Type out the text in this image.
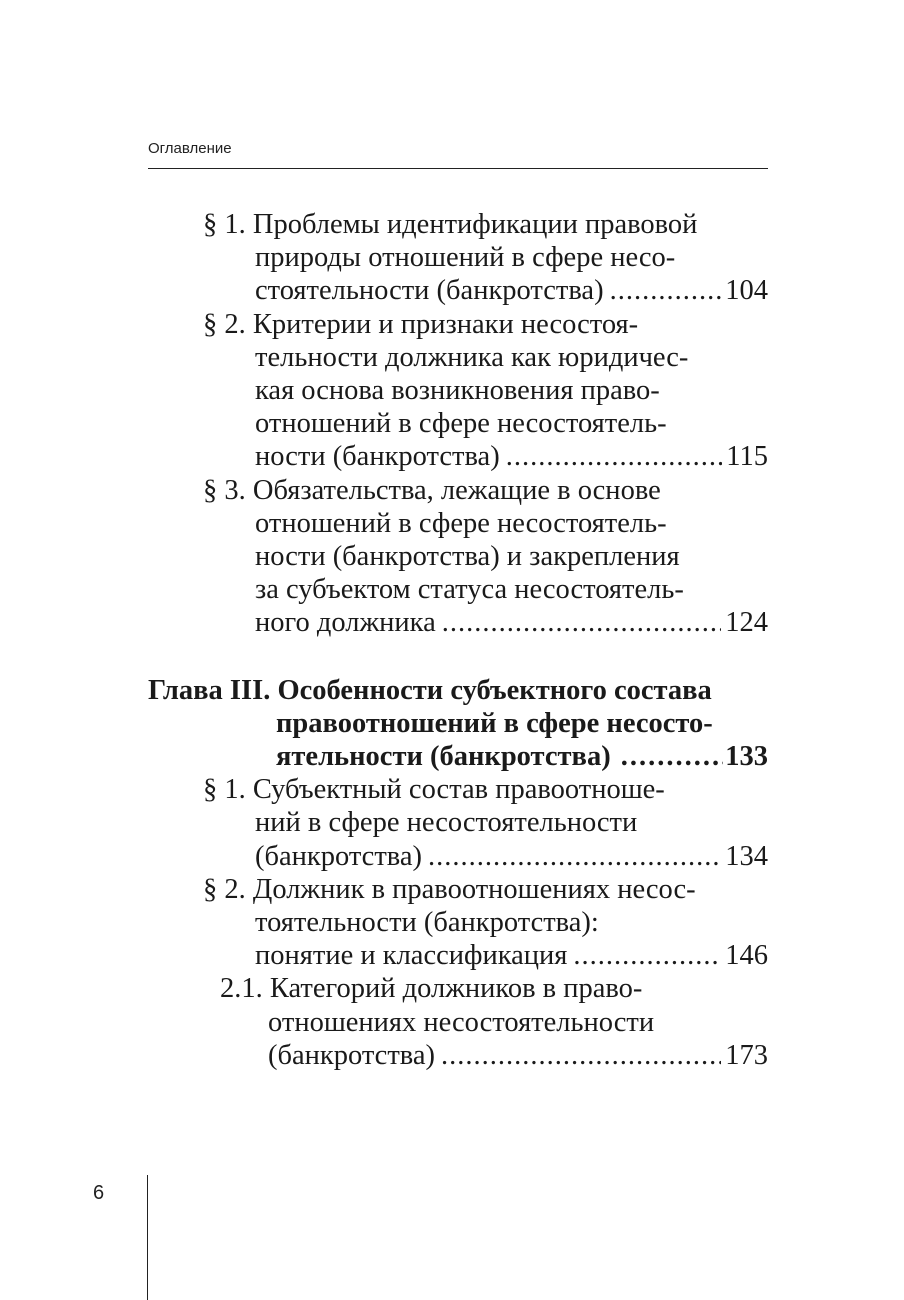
Оглавление
§ 1. Проблемы идентификации правовой
природы отношений в сфере несо-
стоятельности (банкротства) .....	104
§ 2. Критерии и признаки несостоя-
тельности должника как юридичес-
кая основа возникновения право-
отношений в сфере несостоятель-
ности (банкротства) .....	115
§ 3. Обязательства, лежащие в основе
отношений в сфере несостоятель-
ности (банкротства) и закрепления
за субъектом статуса несостоятель-
ного должника .....	124
Глава III. Особенности субъектного состава
правоотношений в сфере несосто-
ятельности (банкротства) .....	133
§ 1. Субъектный состав правоотноше-
ний в сфере несостоятельности
(банкротства) .....	134
§ 2. Должник в правоотношениях несос-
тоятельности (банкротства):
понятие и классификация .....	146
2.1. Категорий должников в право-
отношениях несостоятельности
(банкротства) .....	173
6
